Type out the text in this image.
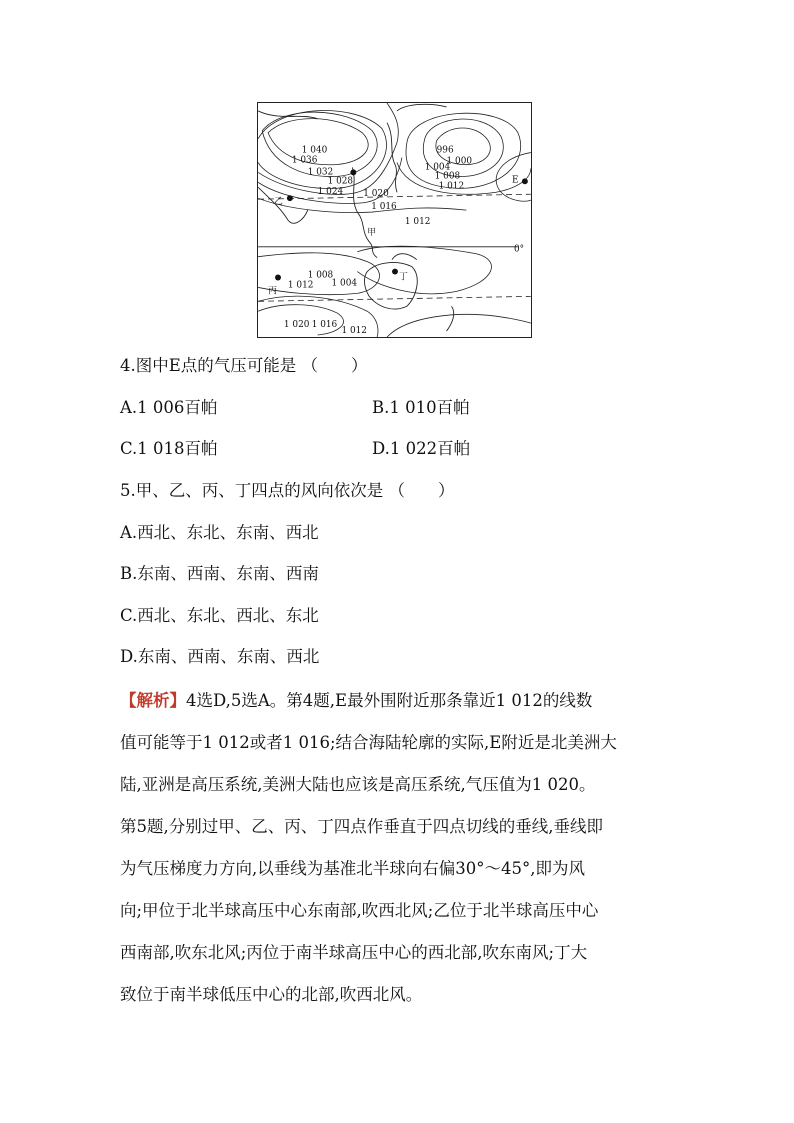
1 040
1 036
1 032
1 028
1 024 1 020
1 016
1 012
996
1 004
1 000
1 008
1 012
1 008
1 012 1 004
1 020 1 016
1 012
甲
乙
丙
丁
E
0°
4.图中E点的气压可能是 （　　）
A.1 006百帕	B.1 010百帕
C.1 018百帕	D.1 022百帕
5.甲、乙、丙、丁四点的风向依次是 （　　）
A.西北、东北、东南、西北
B.东南、西南、东南、西南
C.西北、东北、西北、东北
D.东南、西南、东南、西北
【解析】4选D,5选A。第4题,E最外围附近那条靠近1 012的线数
值可能等于1 012或者1 016;结合海陆轮廓的实际,E附近是北美洲大
陆,亚洲是高压系统,美洲大陆也应该是高压系统,气压值为1 020。
第5题,分别过甲、乙、丙、丁四点作垂直于四点切线的垂线,垂线即
为气压梯度力方向,以垂线为基准北半球向右偏30°～45°,即为风
向;甲位于北半球高压中心东南部,吹西北风;乙位于北半球高压中心
西南部,吹东北风;丙位于南半球高压中心的西北部,吹东南风;丁大
致位于南半球低压中心的北部,吹西北风。
